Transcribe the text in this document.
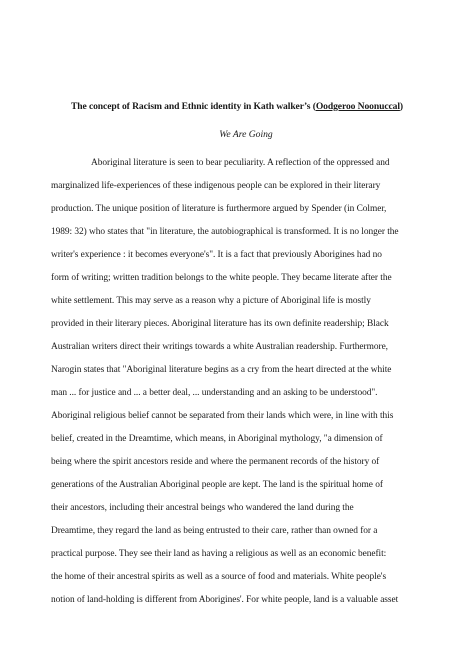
The concept of Racism and Ethnic identity in Kath walker’s (Oodgeroo Noonuccal)
We Are Going
Aboriginal literature is seen to bear peculiarity. A reflection of the oppressed and
marginalized life-experiences of these indigenous people can be explored in their literary
production. The unique position of literature is furthermore argued by Spender (in Colmer,
1989: 32) who states that "in literature, the autobiographical is transformed. It is no longer the
writer's experience : it becomes everyone's". It is a fact that previously Aborigines had no
form of writing; written tradition belongs to the white people. They became literate after the
white settlement. This may serve as a reason why a picture of Aboriginal life is mostly
provided in their literary pieces. Aboriginal literature has its own definite readership; Black
Australian writers direct their writings towards a white Australian readership. Furthermore,
Narogin states that "Aboriginal literature begins as a cry from the heart directed at the white
man ... for justice and ... a better deal, ... understanding and an asking to be understood".
Aboriginal religious belief cannot be separated from their lands which were, in line with this
belief, created in the Dreamtime, which means, in Aboriginal mythology, "a dimension of
being where the spirit ancestors reside and where the permanent records of the history of
generations of the Australian Aboriginal people are kept. The land is the spiritual home of
their ancestors, including their ancestral beings who wandered the land during the
Dreamtime, they regard the land as being entrusted to their care, rather than owned for a
practical purpose. They see their land as having a religious as well as an economic benefit:
the home of their ancestral spirits as well as a source of food and materials. White people's
notion of land-holding is different from Aborigines'. For white people, land is a valuable asset
